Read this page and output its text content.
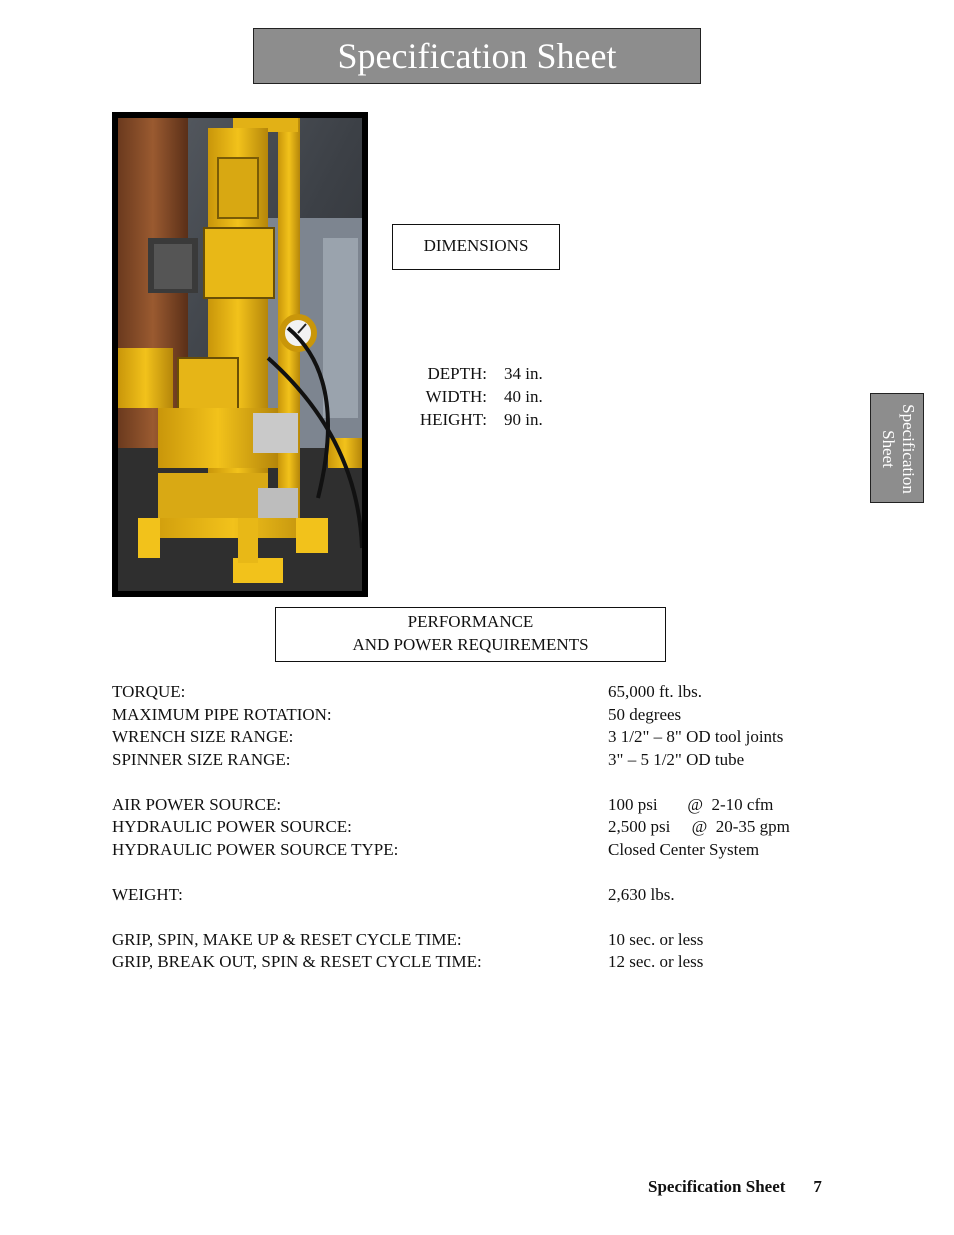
Specification Sheet
DIMENSIONS
DEPTH: 34 in.
WIDTH: 40 in.
HEIGHT: 90 in.
PERFORMANCE
AND POWER REQUIREMENTS
TORQUE:	65,000 ft. lbs.
MAXIMUM PIPE ROTATION:	50 degrees
WRENCH SIZE RANGE:	3 1/2" – 8" OD tool joints
SPINNER SIZE RANGE:	3" – 5 1/2" OD tube
AIR POWER SOURCE:	100 psi       @  2-10 cfm
HYDRAULIC POWER SOURCE:	2,500 psi     @  20-35 gpm
HYDRAULIC POWER SOURCE TYPE:	Closed Center System
WEIGHT:	2,630 lbs.
GRIP, SPIN, MAKE UP & RESET CYCLE TIME:	10 sec. or less
GRIP, BREAK OUT, SPIN & RESET CYCLE TIME:	12 sec. or less
Specification
Sheet
Specification Sheet 7
